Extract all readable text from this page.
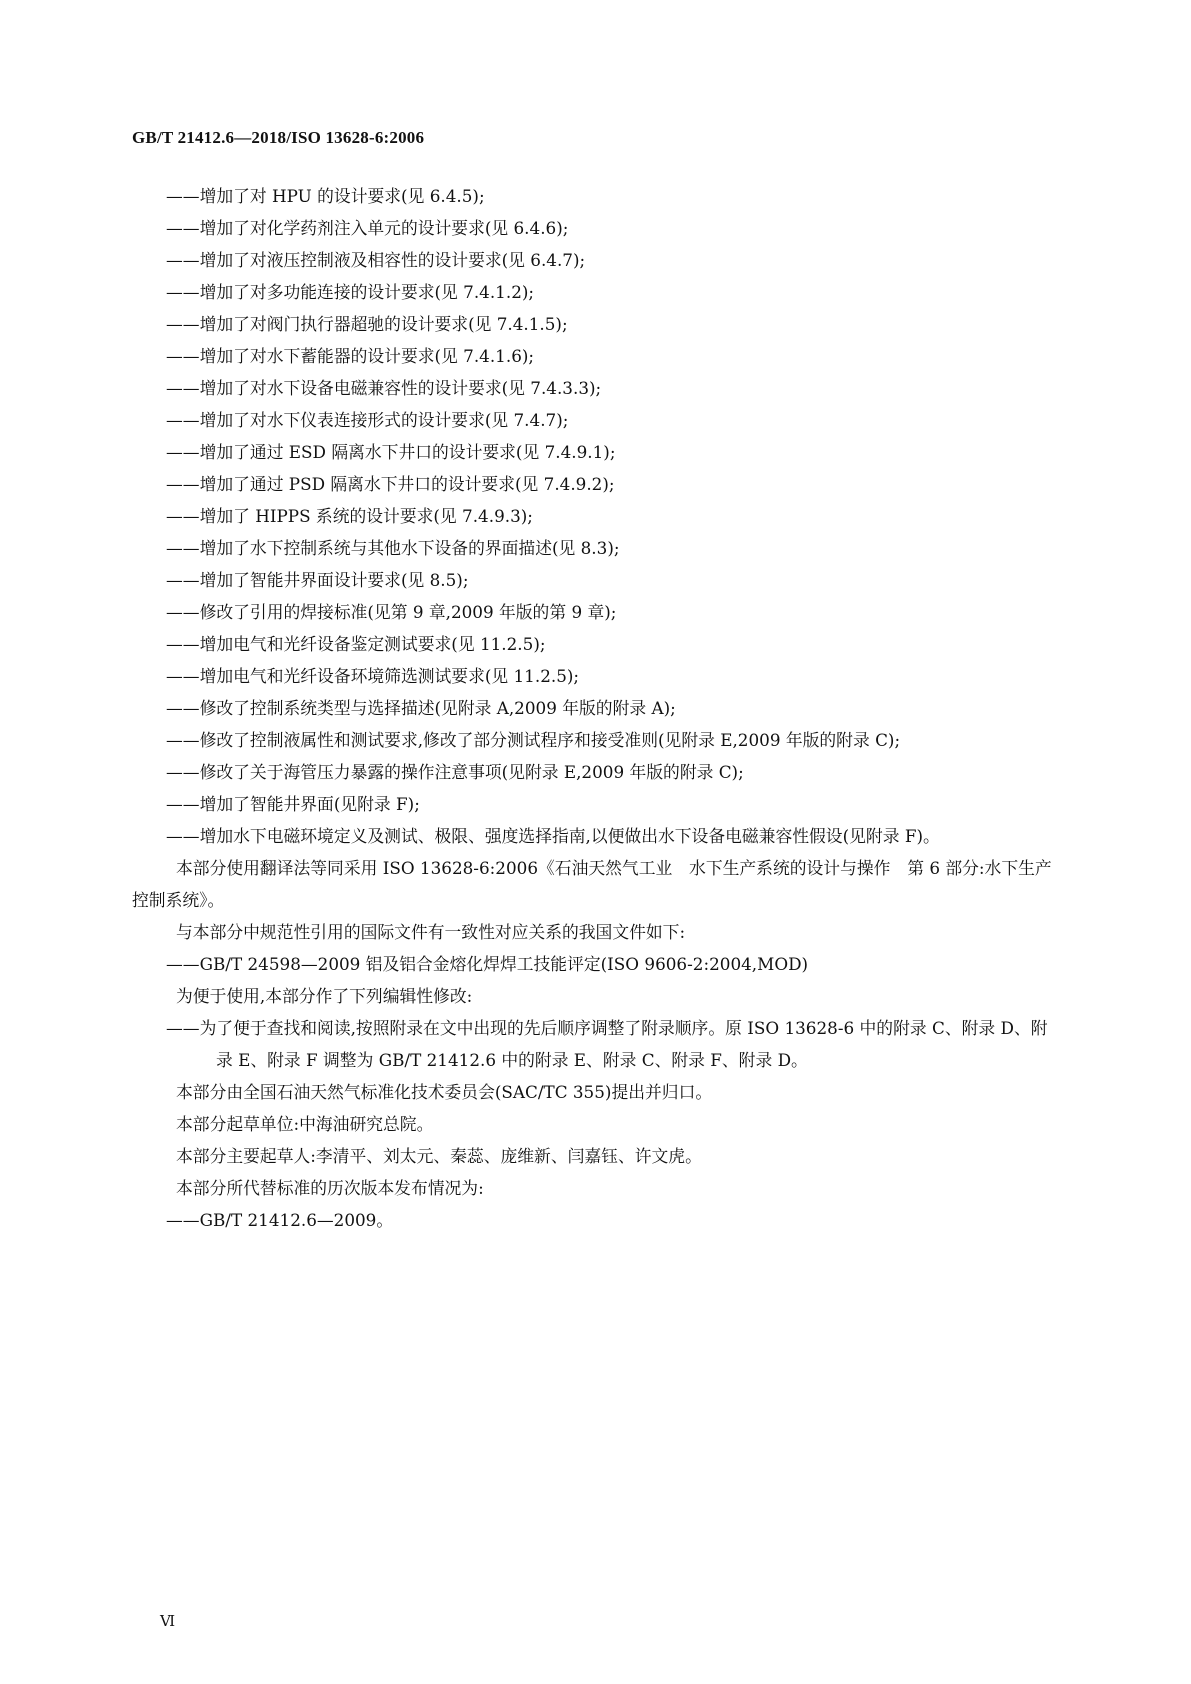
GB/T 21412.6—2018/ISO 13628-6:2006

——增加了对 HPU 的设计要求(见 6.4.5);

——增加了对化学药剂注入单元的设计要求(见 6.4.6);

——增加了对液压控制液及相容性的设计要求(见 6.4.7);

——增加了对多功能连接的设计要求(见 7.4.1.2);

——增加了对阀门执行器超驰的设计要求(见 7.4.1.5);

——增加了对水下蓄能器的设计要求(见 7.4.1.6);

——增加了对水下设备电磁兼容性的设计要求(见 7.4.3.3);

——增加了对水下仪表连接形式的设计要求(见 7.4.7);

——增加了通过 ESD 隔离水下井口的设计要求(见 7.4.9.1);

——增加了通过 PSD 隔离水下井口的设计要求(见 7.4.9.2);

——增加了 HIPPS 系统的设计要求(见 7.4.9.3);

——增加了水下控制系统与其他水下设备的界面描述(见 8.3);

——增加了智能井界面设计要求(见 8.5);

——修改了引用的焊接标准(见第 9 章,2009 年版的第 9 章);

——增加电气和光纤设备鉴定测试要求(见 11.2.5);

——增加电气和光纤设备环境筛选测试要求(见 11.2.5);

——修改了控制系统类型与选择描述(见附录 A,2009 年版的附录 A);

——修改了控制液属性和测试要求,修改了部分测试程序和接受准则(见附录 E,2009 年版的附录 C);

——修改了关于海管压力暴露的操作注意事项(见附录 E,2009 年版的附录 C);

——增加了智能井界面(见附录 F);

——增加水下电磁环境定义及测试、极限、强度选择指南,以便做出水下设备电磁兼容性假设(见附录 F)。

本部分使用翻译法等同采用 ISO 13628-6:2006《石油天然气工业　水下生产系统的设计与操作　第 6 部分:水下生产控制系统》。

与本部分中规范性引用的国际文件有一致性对应关系的我国文件如下:

——GB/T 24598—2009 铝及铝合金熔化焊焊工技能评定(ISO 9606-2:2004,MOD)

为便于使用,本部分作了下列编辑性修改:

——为了便于查找和阅读,按照附录在文中出现的先后顺序调整了附录顺序。原 ISO 13628-6 中的附录 C、附录 D、附录 E、附录 F 调整为 GB/T 21412.6 中的附录 E、附录 C、附录 F、附录 D。

本部分由全国石油天然气标准化技术委员会(SAC/TC 355)提出并归口。

本部分起草单位:中海油研究总院。

本部分主要起草人:李清平、刘太元、秦蕊、庞维新、闫嘉钰、许文虎。

本部分所代替标准的历次版本发布情况为:

——GB/T 21412.6—2009。

Ⅵ
